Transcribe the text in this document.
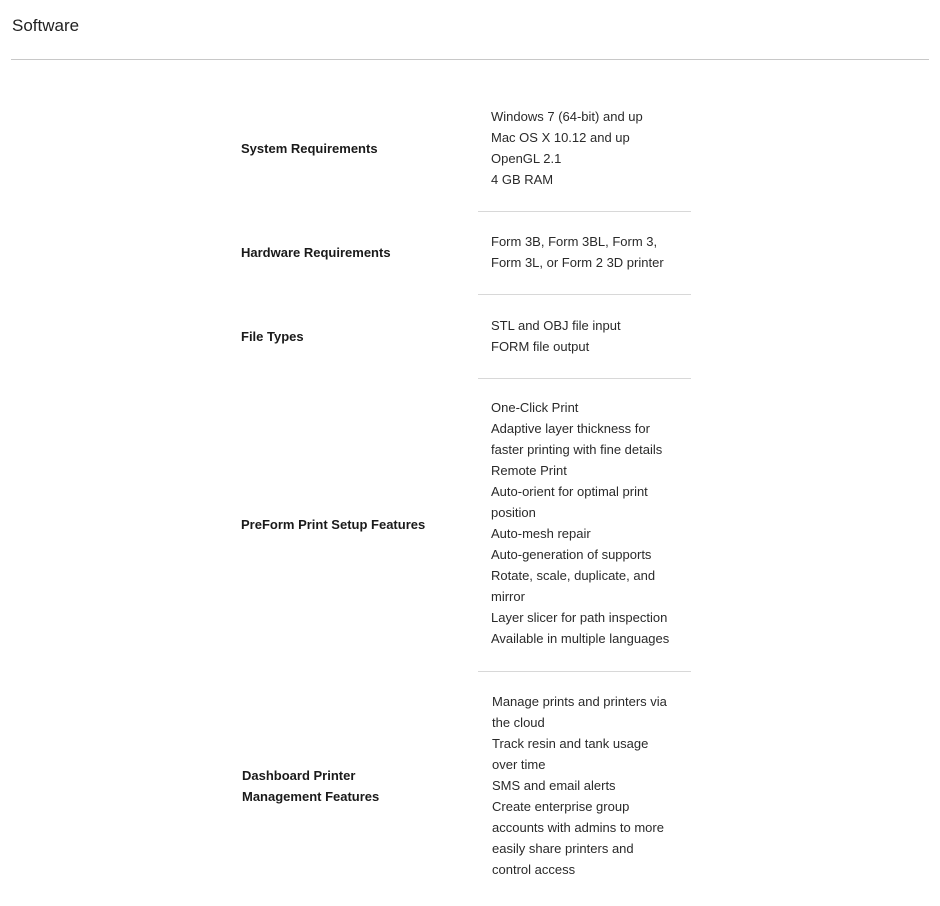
Software
System Requirements
Windows 7 (64-bit) and up
Mac OS X 10.12 and up
OpenGL 2.1
4 GB RAM
Hardware Requirements
Form 3B, Form 3BL, Form 3,
Form 3L, or Form 2 3D printer
File Types
STL and OBJ file input
FORM file output
PreForm Print Setup Features
One-Click Print
Adaptive layer thickness for
faster printing with fine details
Remote Print
Auto-orient for optimal print
position
Auto-mesh repair
Auto-generation of supports
Rotate, scale, duplicate, and
mirror
Layer slicer for path inspection
Available in multiple languages
Dashboard Printer
Management Features
Manage prints and printers via
the cloud
Track resin and tank usage
over time
SMS and email alerts
Create enterprise group
accounts with admins to more
easily share printers and
control access
